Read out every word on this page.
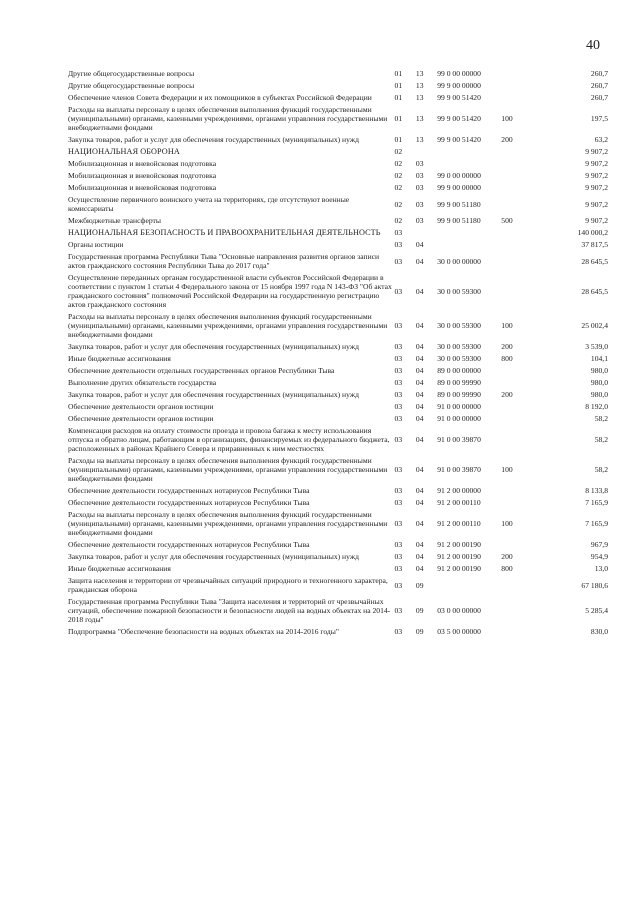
40
Другие общегосударственные вопросы	01	13	99 0 00 00000		260,7
Другие общегосударственные вопросы	01	13	99 9 00 00000		260,7
Обеспечение членов Совета Федерации и их помощников в субъектах Российской Федерации	01	13	99 9 00 51420		260,7
Расходы на выплаты персоналу в целях обеспечения выполнения функций государственными (муниципальными) органами, казенными учреждениями, органами управления государственными внебюджетными фондами	01	13	99 9 00 51420	100	197,5
Закупка товаров, работ и услуг для обеспечения государственных (муниципальных) нужд	01	13	99 9 00 51420	200	63,2
НАЦИОНАЛЬНАЯ ОБОРОНА	02				9 907,2
Мобилизационная и вневойсковая подготовка	02	03			9 907,2
Мобилизационная и вневойсковая подготовка	02	03	99 0 00 00000		9 907,2
Мобилизационная и вневойсковая подготовка	02	03	99 9 00 00000		9 907,2
Осуществление первичного воинского учета на территориях, где отсутствуют военные комиссариаты	02	03	99 9 00 51180		9 907,2
Межбюджетные трансферты	02	03	99 9 00 51180	500	9 907,2
НАЦИОНАЛЬНАЯ БЕЗОПАСНОСТЬ И ПРАВООХРАНИТЕЛЬНАЯ ДЕЯТЕЛЬНОСТЬ	03				140 000,2
Органы юстиции	03	04			37 817,5
Государственная программа Республики Тыва "Основные направления развития органов записи актов гражданского состояния Республики Тыва до 2017 года"	03	04	30 0 00 00000		28 645,5
Осуществление переданных органам государственной власти субъектов Российской Федерации в соответствии с пунктом 1 статьи 4 Федерального закона от 15 ноября 1997 года N 143-ФЗ "Об актах гражданского состояния" полномочий Российской Федерации на государственную регистрацию актов гражданского состояния	03	04	30 0 00 59300		28 645,5
Расходы на выплаты персоналу в целях обеспечения выполнения функций государственными (муниципальными) органами, казенными учреждениями, органами управления государственными внебюджетными фондами	03	04	30 0 00 59300	100	25 002,4
Закупка товаров, работ и услуг для обеспечения государственных (муниципальных) нужд	03	04	30 0 00 59300	200	3 539,0
Иные бюджетные ассигнования	03	04	30 0 00 59300	800	104,1
Обеспечение деятельности отдельных государственных органов Республики Тыва	03	04	89 0 00 00000		980,0
Выполнение других обязательств государства	03	04	89 0 00 99990		980,0
Закупка товаров, работ и услуг для обеспечения государственных (муниципальных) нужд	03	04	89 0 00 99990	200	980,0
Обеспечение деятельности органов юстиции	03	04	91 0 00 00000		8 192,0
Обеспечение деятельности органов юстиции	03	04	91 0 00 00000		58,2
Компенсация расходов на оплату стоимости проезда и провоза багажа к месту использования отпуска и обратно лицам, работающим в организациях, финансируемых из федерального бюджета, расположенных в районах Крайнего Севера и приравненных к ним местностях	03	04	91 0 00 39870		58,2
Расходы на выплаты персоналу в целях обеспечения выполнения функций государственными (муниципальными) органами, казенными учреждениями, органами управления государственными внебюджетными фондами	03	04	91 0 00 39870	100	58,2
Обеспечение деятельности государственных нотариусов Республики Тыва	03	04	91 2 00 00000		8 133,8
Обеспечение деятельности государственных нотариусов Республики Тыва	03	04	91 2 00 00110		7 165,9
Расходы на выплаты персоналу в целях обеспечения выполнения функций государственными (муниципальными) органами, казенными учреждениями, органами управления государственными внебюджетными фондами	03	04	91 2 00 00110	100	7 165,9
Обеспечение деятельности государственных нотариусов Республики Тыва	03	04	91 2 00 00190		967,9
Закупка товаров, работ и услуг для обеспечения государственных (муниципальных) нужд	03	04	91 2 00 00190	200	954,9
Иные бюджетные ассигнования	03	04	91 2 00 00190	800	13,0
Защита населения и территории от чрезвычайных ситуаций природного и техногенного характера, гражданская оборона	03	09			67 180,6
Государственная программа Республики Тыва "Защита населения и территорий от чрезвычайных ситуаций, обеспечение пожарной безопасности и безопасности людей на водных объектах на 2014-2018 годы"	03	09	03 0 00 00000		5 285,4
Подпрограмма "Обеспечение безопасности на водных объектах на 2014-2016 годы"	03	09	03 5 00 00000		830,0
